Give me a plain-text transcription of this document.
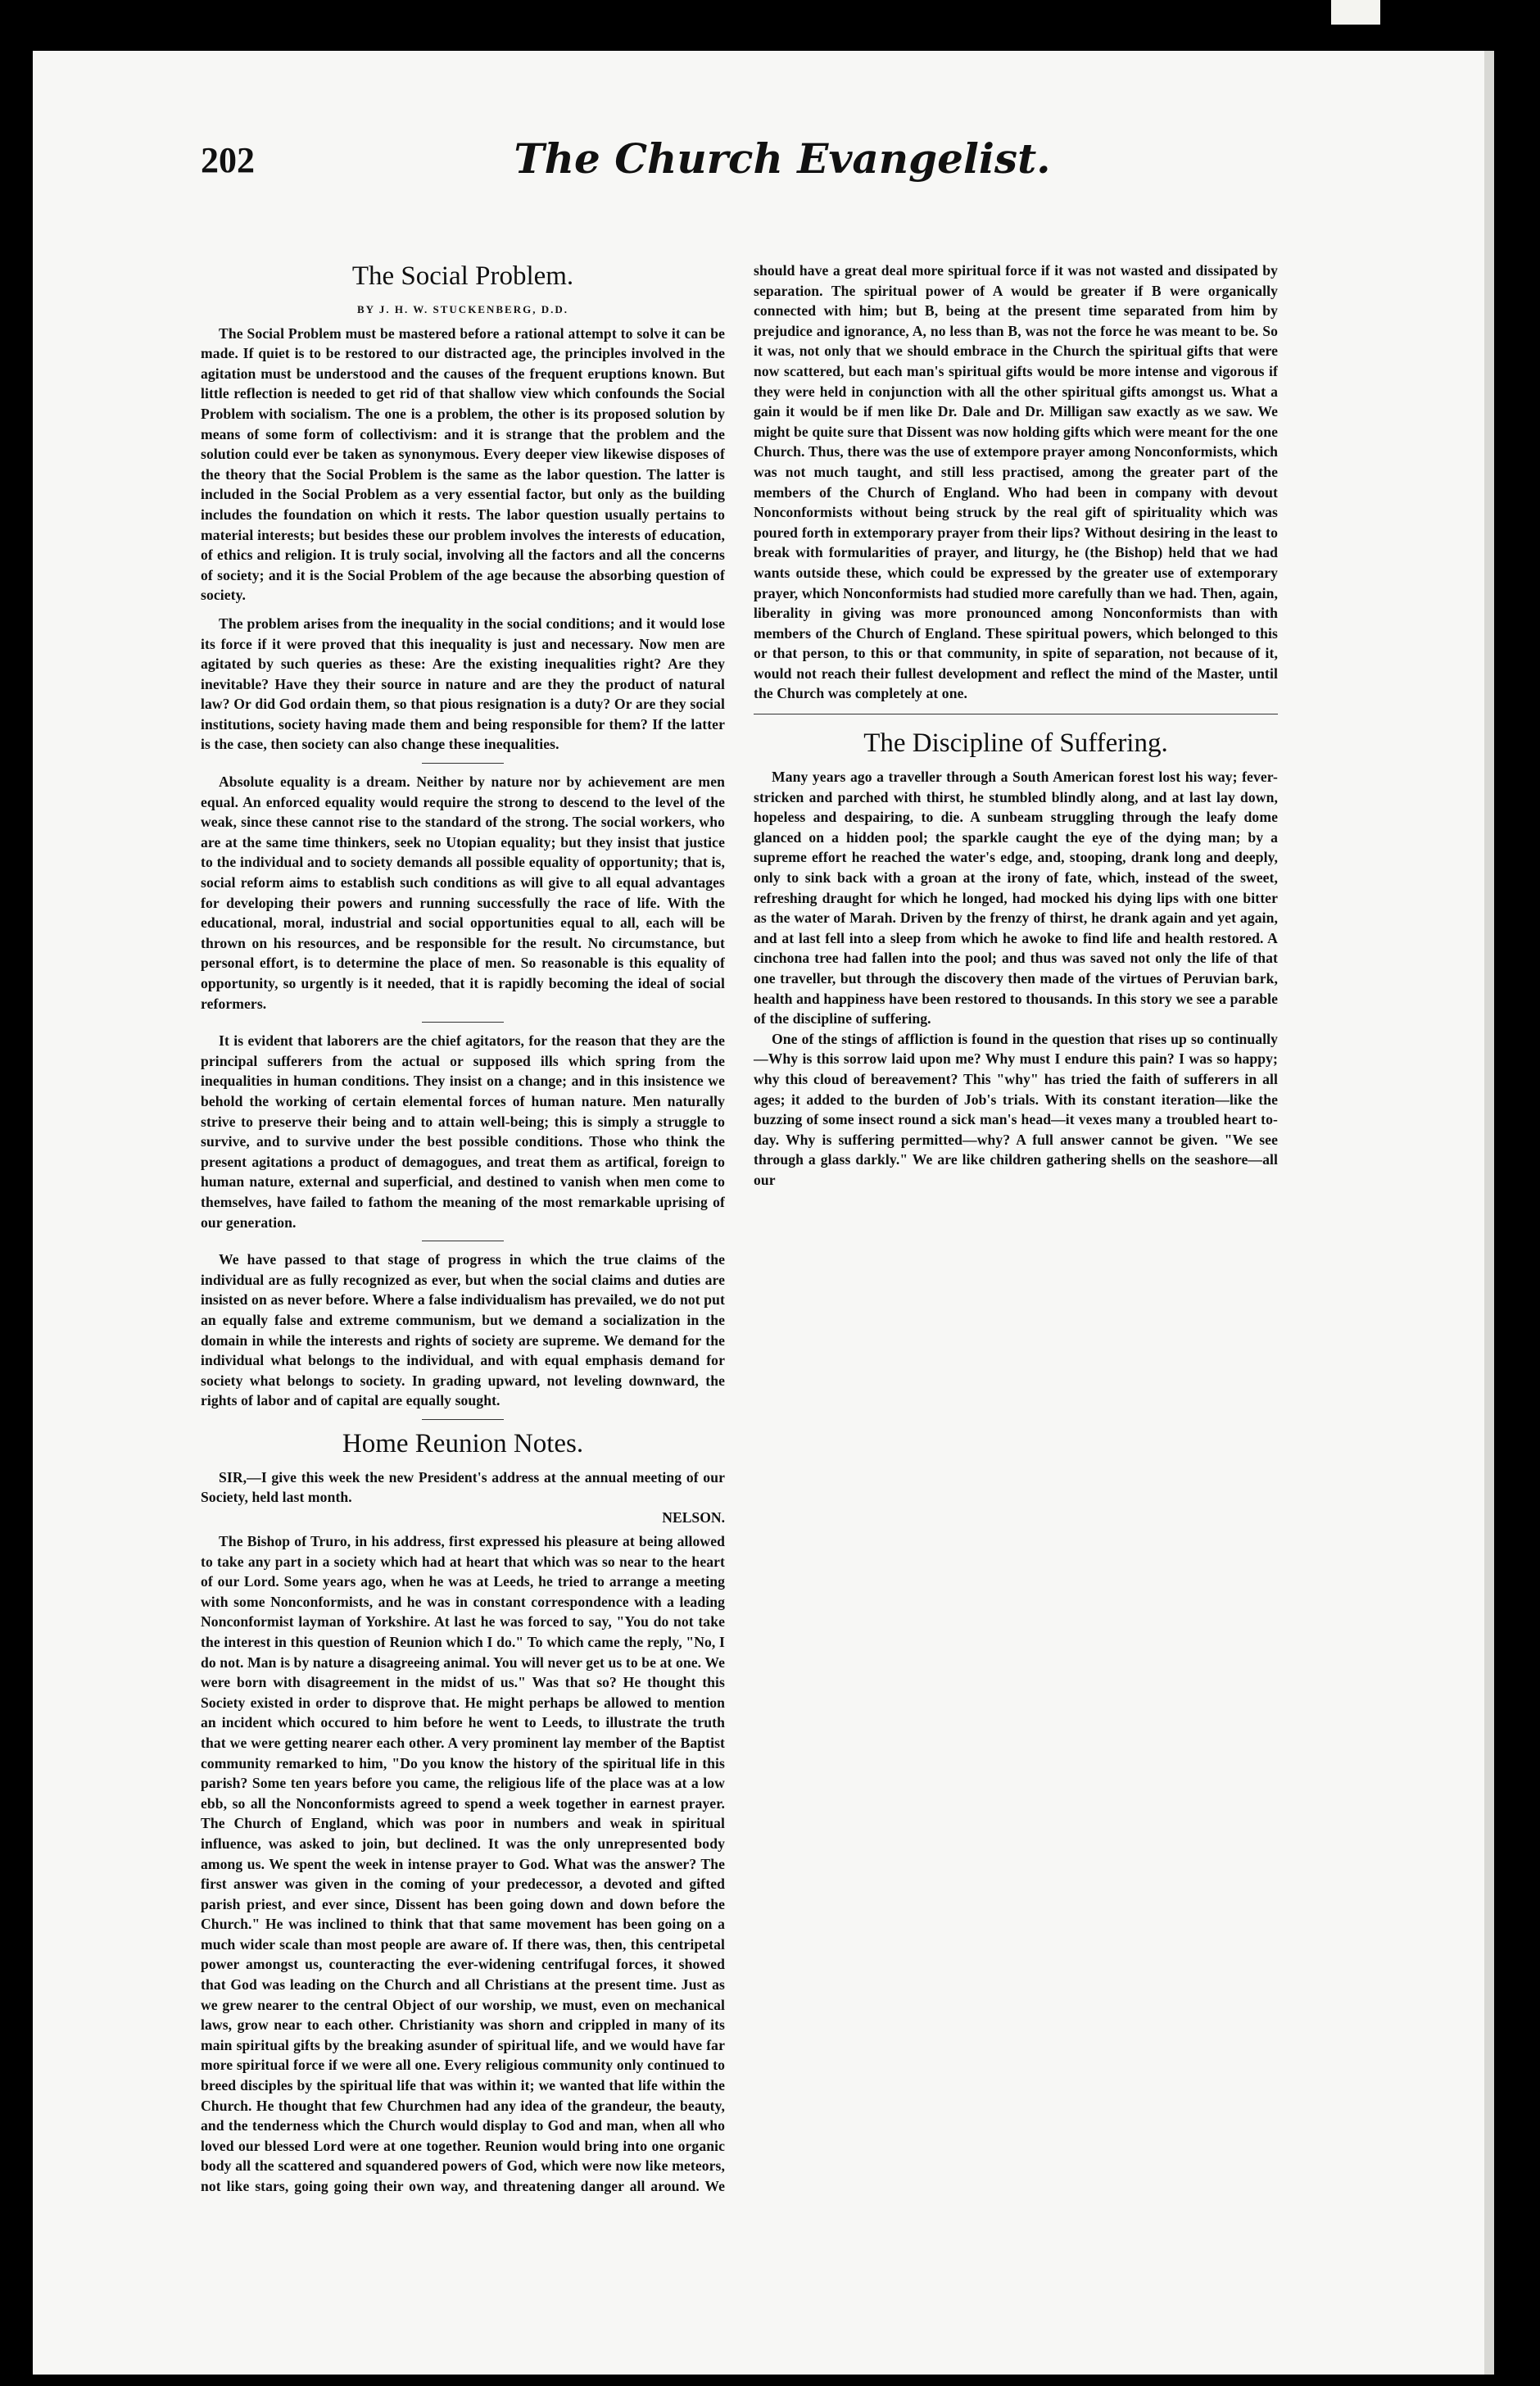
202	The Church Evangelist.
The Social Problem.
BY J. H. W. STUCKENBERG, D.D.

The Social Problem must be mastered before a rational attempt to solve it can be made. If quiet is to be restored to our distracted age, the principles involved in the agitation must be understood and the causes of the frequent eruptions known. But little reflection is needed to get rid of that shallow view which confounds the Social Problem with socialism. The one is a problem, the other is its proposed solution by means of some form of collectivism: and it is strange that the problem and the solution could ever be taken as synonymous. Every deeper view likewise disposes of the theory that the Social Problem is the same as the labor question. The latter is included in the Social Problem as a very essential factor, but only as the building includes the foundation on which it rests. The labor question usually pertains to material interests; but besides these our problem involves the interests of education, of ethics and religion. It is truly social, involving all the factors and all the concerns of society; and it is the Social Problem of the age because the absorbing question of society.

The problem arises from the inequality in the social conditions; and it would lose its force if it were proved that this inequality is just and necessary. Now men are agitated by such queries as these: Are the existing inequalities right? Are they inevitable? Have they their source in nature and are they the product of natural law? Or did God ordain them, so that pious resignation is a duty? Or are they social institutions, society having made them and being responsible for them? If the latter is the case, then society can also change these inequalities.

Absolute equality is a dream. Neither by nature nor by achievement are men equal. An enforced equality would require the strong to descend to the level of the weak, since these cannot rise to the standard of the strong. The social workers, who are at the same time thinkers, seek no Utopian equality; but they insist that justice to the individual and to society demands all possible equality of opportunity; that is, social reform aims to establish such conditions as will give to all equal advantages for developing their powers and running successfully the race of life. With the educational, moral, industrial and social opportunities equal to all, each will be thrown on his resources, and be responsible for the result. No circumstance, but personal effort, is to determine the place of men. So reasonable is this equality of opportunity, so urgently is it needed, that it is rapidly becoming the ideal of social reformers.

It is evident that laborers are the chief agitators, for the reason that they are the principal sufferers from the actual or supposed ills which spring from the inequalities in human conditions. They insist on a change; and in this insistence we behold the working of certain elemental forces of human nature. Men naturally strive to preserve their being and to attain well-being; this is simply a struggle to survive, and to survive under the best possible conditions. Those who think the present agitations a product of demagogues, and treat them as artifical, foreign to human nature, external and superficial, and destined to vanish when men come to themselves, have failed to fathom the meaning of the most remarkable uprising of our generation.

We have passed to that stage of progress in which the true claims of the individual are as fully recognized as ever, but when the social claims and duties are insisted on as never before. Where a false individualism has prevailed, we do not put an equally false and extreme communism, but we demand a socialization in the domain in while the interests and rights of society are supreme. We demand for the individual what belongs to the individual, and with equal emphasis demand for society what belongs to society. In grading upward, not leveling downward, the rights of labor and of capital are equally sought.

Home Reunion Notes.

SIR,—I give this week the new President's address at the annual meeting of our Society, held last month.

NELSON.

The Bishop of Truro, in his address, first expressed his pleasure at being allowed to take any part in a society which had at heart that which was so near to the heart of our Lord. Some years ago, when he was at Leeds, he tried to arrange a meeting with some Nonconformists, and he was in constant correspondence with a leading Nonconformist layman of Yorkshire. At last he was forced to say, "You do not take the interest in this question of Reunion which I do." To which came the reply, "No, I do not. Man is by nature a disagreeing animal. You will never get us to be at one. We were born with disagreement in the midst of us." Was that so? He thought this Society existed in order to disprove that. He might perhaps be allowed to mention an incident which occured to him before he went to Leeds, to illustrate the truth that we were getting nearer each other. A very prominent lay member of the Baptist community remarked to him, "Do you know the history of the spiritual life in this parish? Some ten years before you came, the religious life of the place was at a low ebb, so all the Nonconformists agreed to spend a week together in earnest prayer. The Church of England, which was poor in numbers and weak in spiritual influence, was asked to join, but declined. It was the only unrepresented body among us. We spent the week in intense prayer to God. What was the answer? The first answer was given in the coming of your predecessor, a devoted and gifted parish priest, and ever since, Dissent has been going down and down before the Church." He was inclined to think that that same movement has been going on a much wider scale than most people are aware of. If there was, then, this centripetal power amongst us, counteracting the ever-widening centrifugal forces, it showed that God was leading on the Church and all Christians at the present time. Just as we grew nearer to the central Object of our worship, we must, even on mechanical laws, grow near to each other. Christianity was shorn and crippled in many of its main spiritual gifts by the breaking asunder of spiritual life, and we would have far more spiritual force if we were all one. Every religious community only continued to breed disciples by the spiritual life that was within it; we wanted that life within the Church. He thought that few Churchmen had any idea of the grandeur, the beauty, and the tenderness which the Church would display to God and man, when all who loved our blessed Lord were at one together. Reunion would bring into one organic body all the scattered and squandered powers of God, which were now like meteors, not like stars, going going their own way, and threatening danger all around. We

should have a great deal more spiritual force if it was not wasted and dissipated by separation. The spiritual power of A would be greater if B were organically connected with him; but B, being at the present time separated from him by prejudice and ignorance, A, no less than B, was not the force he was meant to be. So it was, not only that we should embrace in the Church the spiritual gifts that were now scattered, but each man's spiritual gifts would be more intense and vigorous if they were held in conjunction with all the other spiritual gifts amongst us. What a gain it would be if men like Dr. Dale and Dr. Milligan saw exactly as we saw. We might be quite sure that Dissent was now holding gifts which were meant for the one Church. Thus, there was the use of extempore prayer among Nonconformists, which was not much taught, and still less practised, among the greater part of the members of the Church of England. Who had been in company with devout Nonconformists without being struck by the real gift of spirituality which was poured forth in extemporary prayer from their lips? Without desiring in the least to break with formularities of prayer, and liturgy, he (the Bishop) held that we had wants outside these, which could be expressed by the greater use of extemporary prayer, which Nonconformists had studied more carefully than we had. Then, again, liberality in giving was more pronounced among Nonconformists than with members of the Church of England. These spiritual powers, which belonged to this or that person, to this or that community, in spite of separation, not because of it, would not reach their fullest development and reflect the mind of the Master, until the Church was completely at one.

The Discipline of Suffering.

Many years ago a traveller through a South American forest lost his way; fever-stricken and parched with thirst, he stumbled blindly along, and at last lay down, hopeless and despairing, to die. A sunbeam struggling through the leafy dome glanced on a hidden pool; the sparkle caught the eye of the dying man; by a supreme effort he reached the water's edge, and, stooping, drank long and deeply, only to sink back with a groan at the irony of fate, which, instead of the sweet, refreshing draught for which he longed, had mocked his dying lips with one bitter as the water of Marah. Driven by the frenzy of thirst, he drank again and yet again, and at last fell into a sleep from which he awoke to find life and health restored. A cinchona tree had fallen into the pool; and thus was saved not only the life of that one traveller, but through the discovery then made of the virtues of Peruvian bark, health and happiness have been restored to thousands. In this story we see a parable of the discipline of suffering.

One of the stings of affliction is found in the question that rises up so continually—Why is this sorrow laid upon me? Why must I endure this pain? I was so happy; why this cloud of bereavement? This "why" has tried the faith of sufferers in all ages; it added to the burden of Job's trials. With its constant iteration—like the buzzing of some insect round a sick man's head—it vexes many a troubled heart to-day. Why is suffering permitted—why? A full answer cannot be given. "We see through a glass darkly." We are like children gathering shells on the seashore—all our
